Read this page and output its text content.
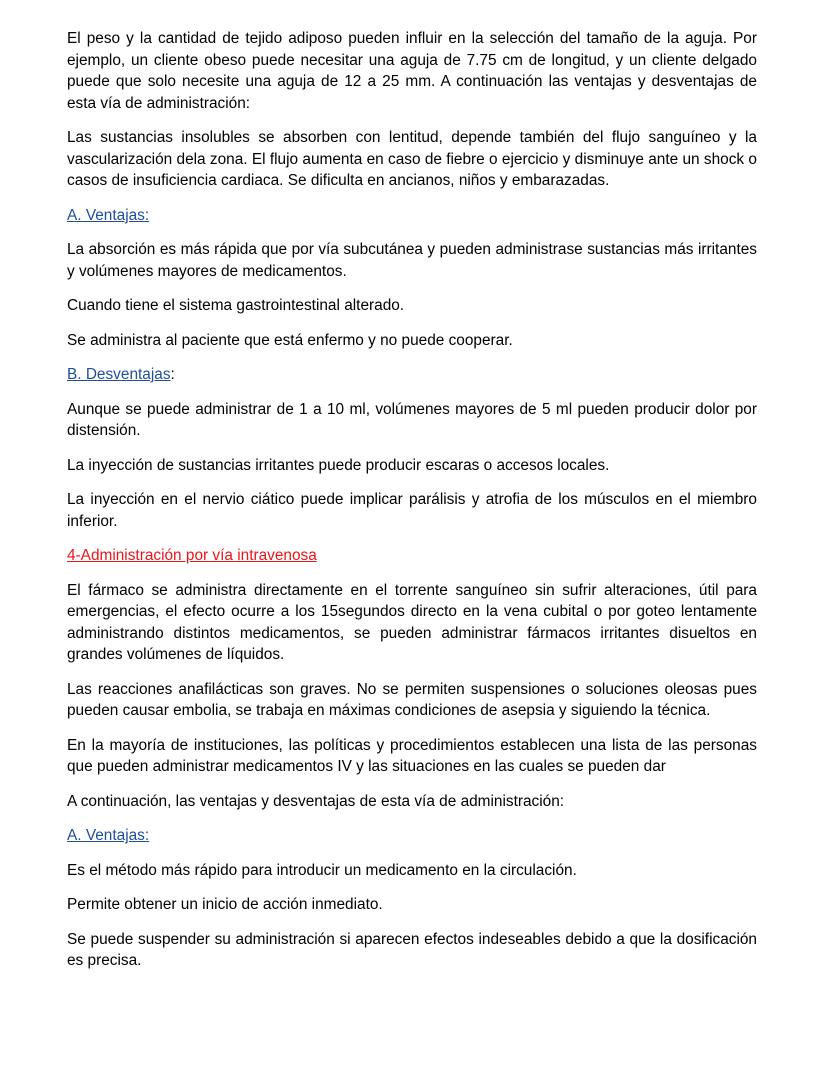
El peso y la cantidad de tejido adiposo pueden influir en la selección del tamaño de la aguja. Por ejemplo, un cliente obeso puede necesitar una aguja de 7.75 cm de longitud, y un cliente delgado puede que solo necesite una aguja de 12 a 25 mm. A continuación las ventajas y desventajas de esta vía de administración:

Las sustancias insolubles se absorben con lentitud, depende también del flujo sanguíneo y la vascularización dela zona. El flujo aumenta en caso de fiebre o ejercicio y disminuye ante un shock o casos de insuficiencia cardiaca. Se dificulta en ancianos, niños y embarazadas.

A. Ventajas:

La absorción es más rápida que por vía subcutánea y pueden administrase sustancias más irritantes y volúmenes mayores de medicamentos.

Cuando tiene el sistema gastrointestinal alterado.

Se administra al paciente que está enfermo y no puede cooperar.

B. Desventajas:

Aunque se puede administrar de 1 a 10 ml, volúmenes mayores de 5 ml pueden producir dolor por distensión.

La inyección de sustancias irritantes puede producir escaras o accesos locales.

La inyección en el nervio ciático puede implicar parálisis y atrofia de los músculos en el miembro inferior.

4-Administración por vía intravenosa

El fármaco se administra directamente en el torrente sanguíneo sin sufrir alteraciones, útil para emergencias, el efecto ocurre a los 15segundos directo en la vena cubital o por goteo lentamente administrando distintos medicamentos, se pueden administrar fármacos irritantes disueltos en grandes volúmenes de líquidos.

Las reacciones anafilácticas son graves. No se permiten suspensiones o soluciones oleosas pues pueden causar embolia, se trabaja en máximas condiciones de asepsia y siguiendo la técnica.

En la mayoría de instituciones, las políticas y procedimientos establecen una lista de las personas que pueden administrar medicamentos IV y las situaciones en las cuales se pueden dar

A continuación, las ventajas y desventajas de esta vía de administración:

A. Ventajas:

Es el método más rápido para introducir un medicamento en la circulación.

Permite obtener un inicio de acción inmediato.

Se puede suspender su administración si aparecen efectos indeseables debido a que la dosificación es precisa.
